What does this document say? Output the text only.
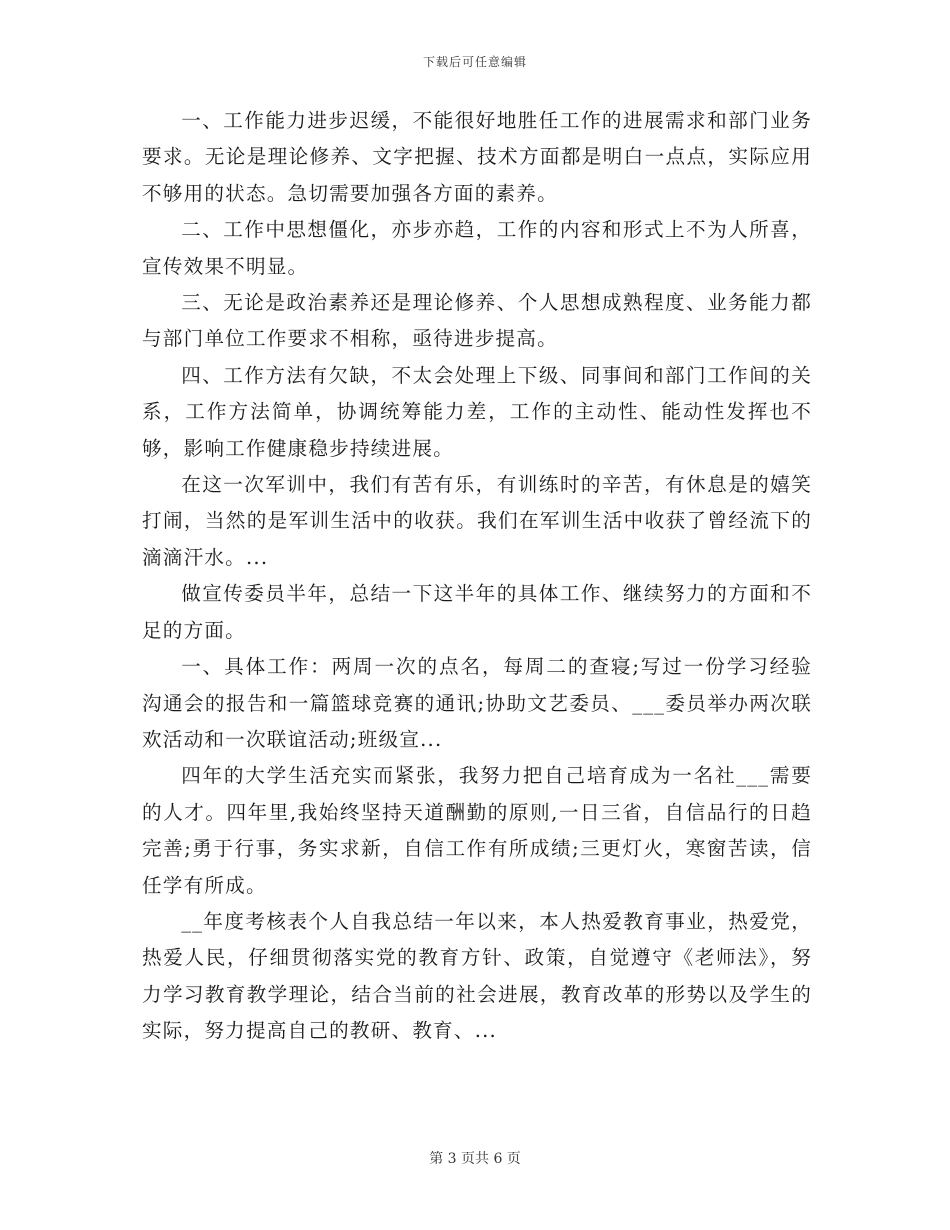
下载后可任意编辑

一、工作能力进步迟缓，不能很好地胜任工作的进展需求和部门业务要求。无论是理论修养、文字把握、技术方面都是明白一点点，实际应用不够用的状态。急切需要加强各方面的素养。

二、工作中思想僵化，亦步亦趋，工作的内容和形式上不为人所喜，宣传效果不明显。

三、无论是政治素养还是理论修养、个人思想成熟程度、业务能力都与部门单位工作要求不相称，亟待进步提高。

四、工作方法有欠缺，不太会处理上下级、同事间和部门工作间的关系，工作方法简单，协调统筹能力差，工作的主动性、能动性发挥也不够，影响工作健康稳步持续进展。

在这一次军训中，我们有苦有乐，有训练时的辛苦，有休息是的嬉笑打闹，当然的是军训生活中的收获。我们在军训生活中收获了曾经流下的滴滴汗水。...

做宣传委员半年，总结一下这半年的具体工作、继续努力的方面和不足的方面。

一、具体工作：两周一次的点名，每周二的查寝;写过一份学习经验沟通会的报告和一篇篮球竞赛的通讯;协助文艺委员、___委员举办两次联欢活动和一次联谊活动;班级宣...

四年的大学生活充实而紧张，我努力把自己培育成为一名社___需要的人才。四年里,我始终坚持天道酬勤的原则,一日三省，自信品行的日趋完善;勇于行事，务实求新，自信工作有所成绩;三更灯火，寒窗苦读，信任学有所成。

__年度考核表个人自我总结一年以来，本人热爱教育事业，热爱党，热爱人民，仔细贯彻落实党的教育方针、政策，自觉遵守《老师法》，努力学习教育教学理论，结合当前的社会进展，教育改革的形势以及学生的实际，努力提高自己的教研、教育、...

第 3 页共 6 页
